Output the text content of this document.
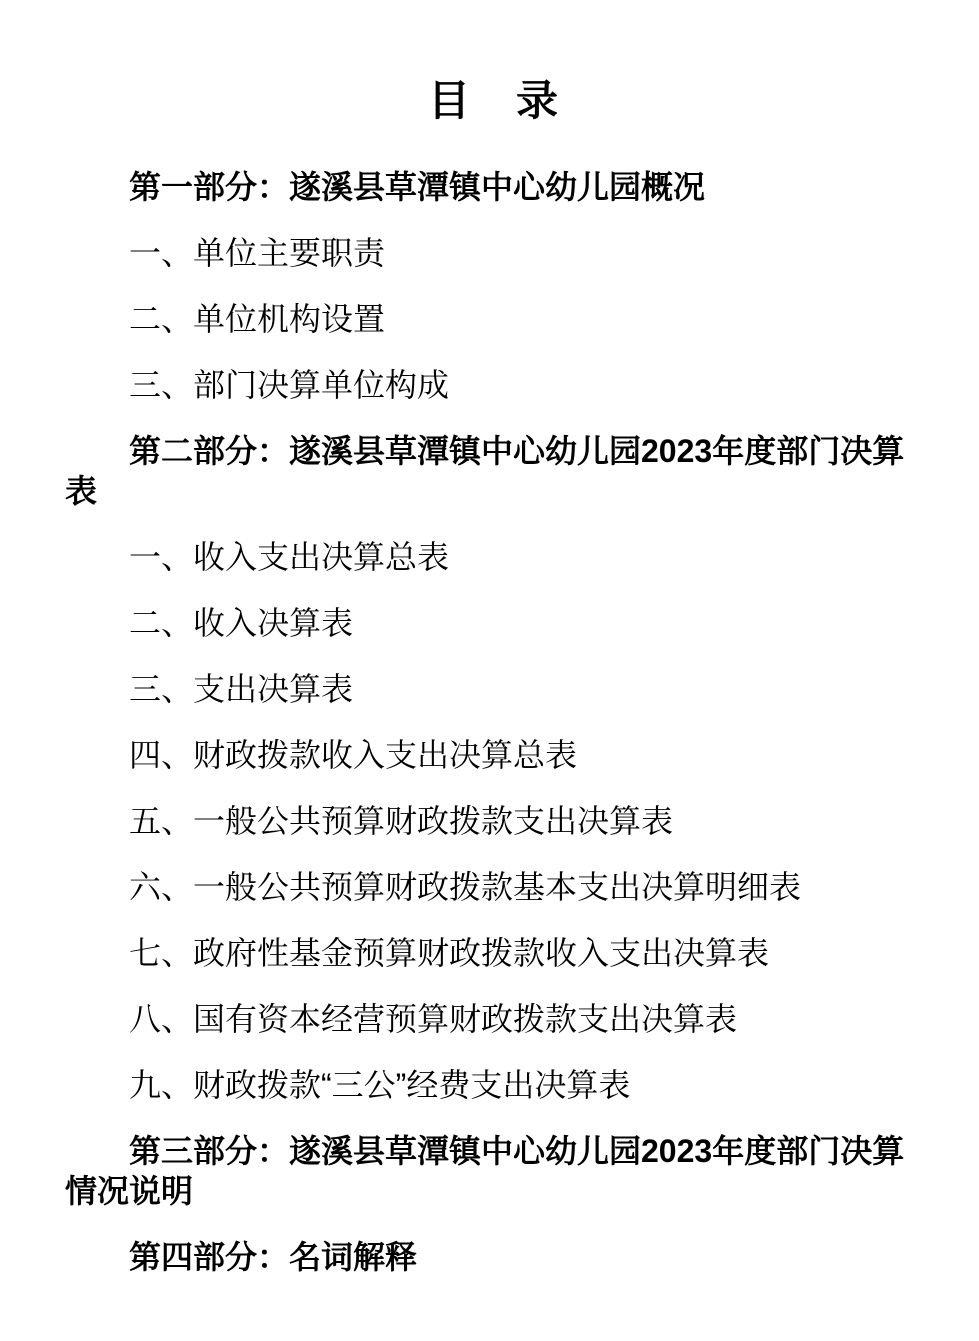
目　录

第一部分：遂溪县草潭镇中心幼儿园概况

一、单位主要职责

二、单位机构设置

三、部门决算单位构成

第二部分：遂溪县草潭镇中心幼儿园2023年度部门决算表

一、收入支出决算总表

二、收入决算表

三、支出决算表

四、财政拨款收入支出决算总表

五、一般公共预算财政拨款支出决算表

六、一般公共预算财政拨款基本支出决算明细表

七、政府性基金预算财政拨款收入支出决算表

八、国有资本经营预算财政拨款支出决算表

九、财政拨款“三公”经费支出决算表

第三部分：遂溪县草潭镇中心幼儿园2023年度部门决算情况说明

第四部分：名词解释
